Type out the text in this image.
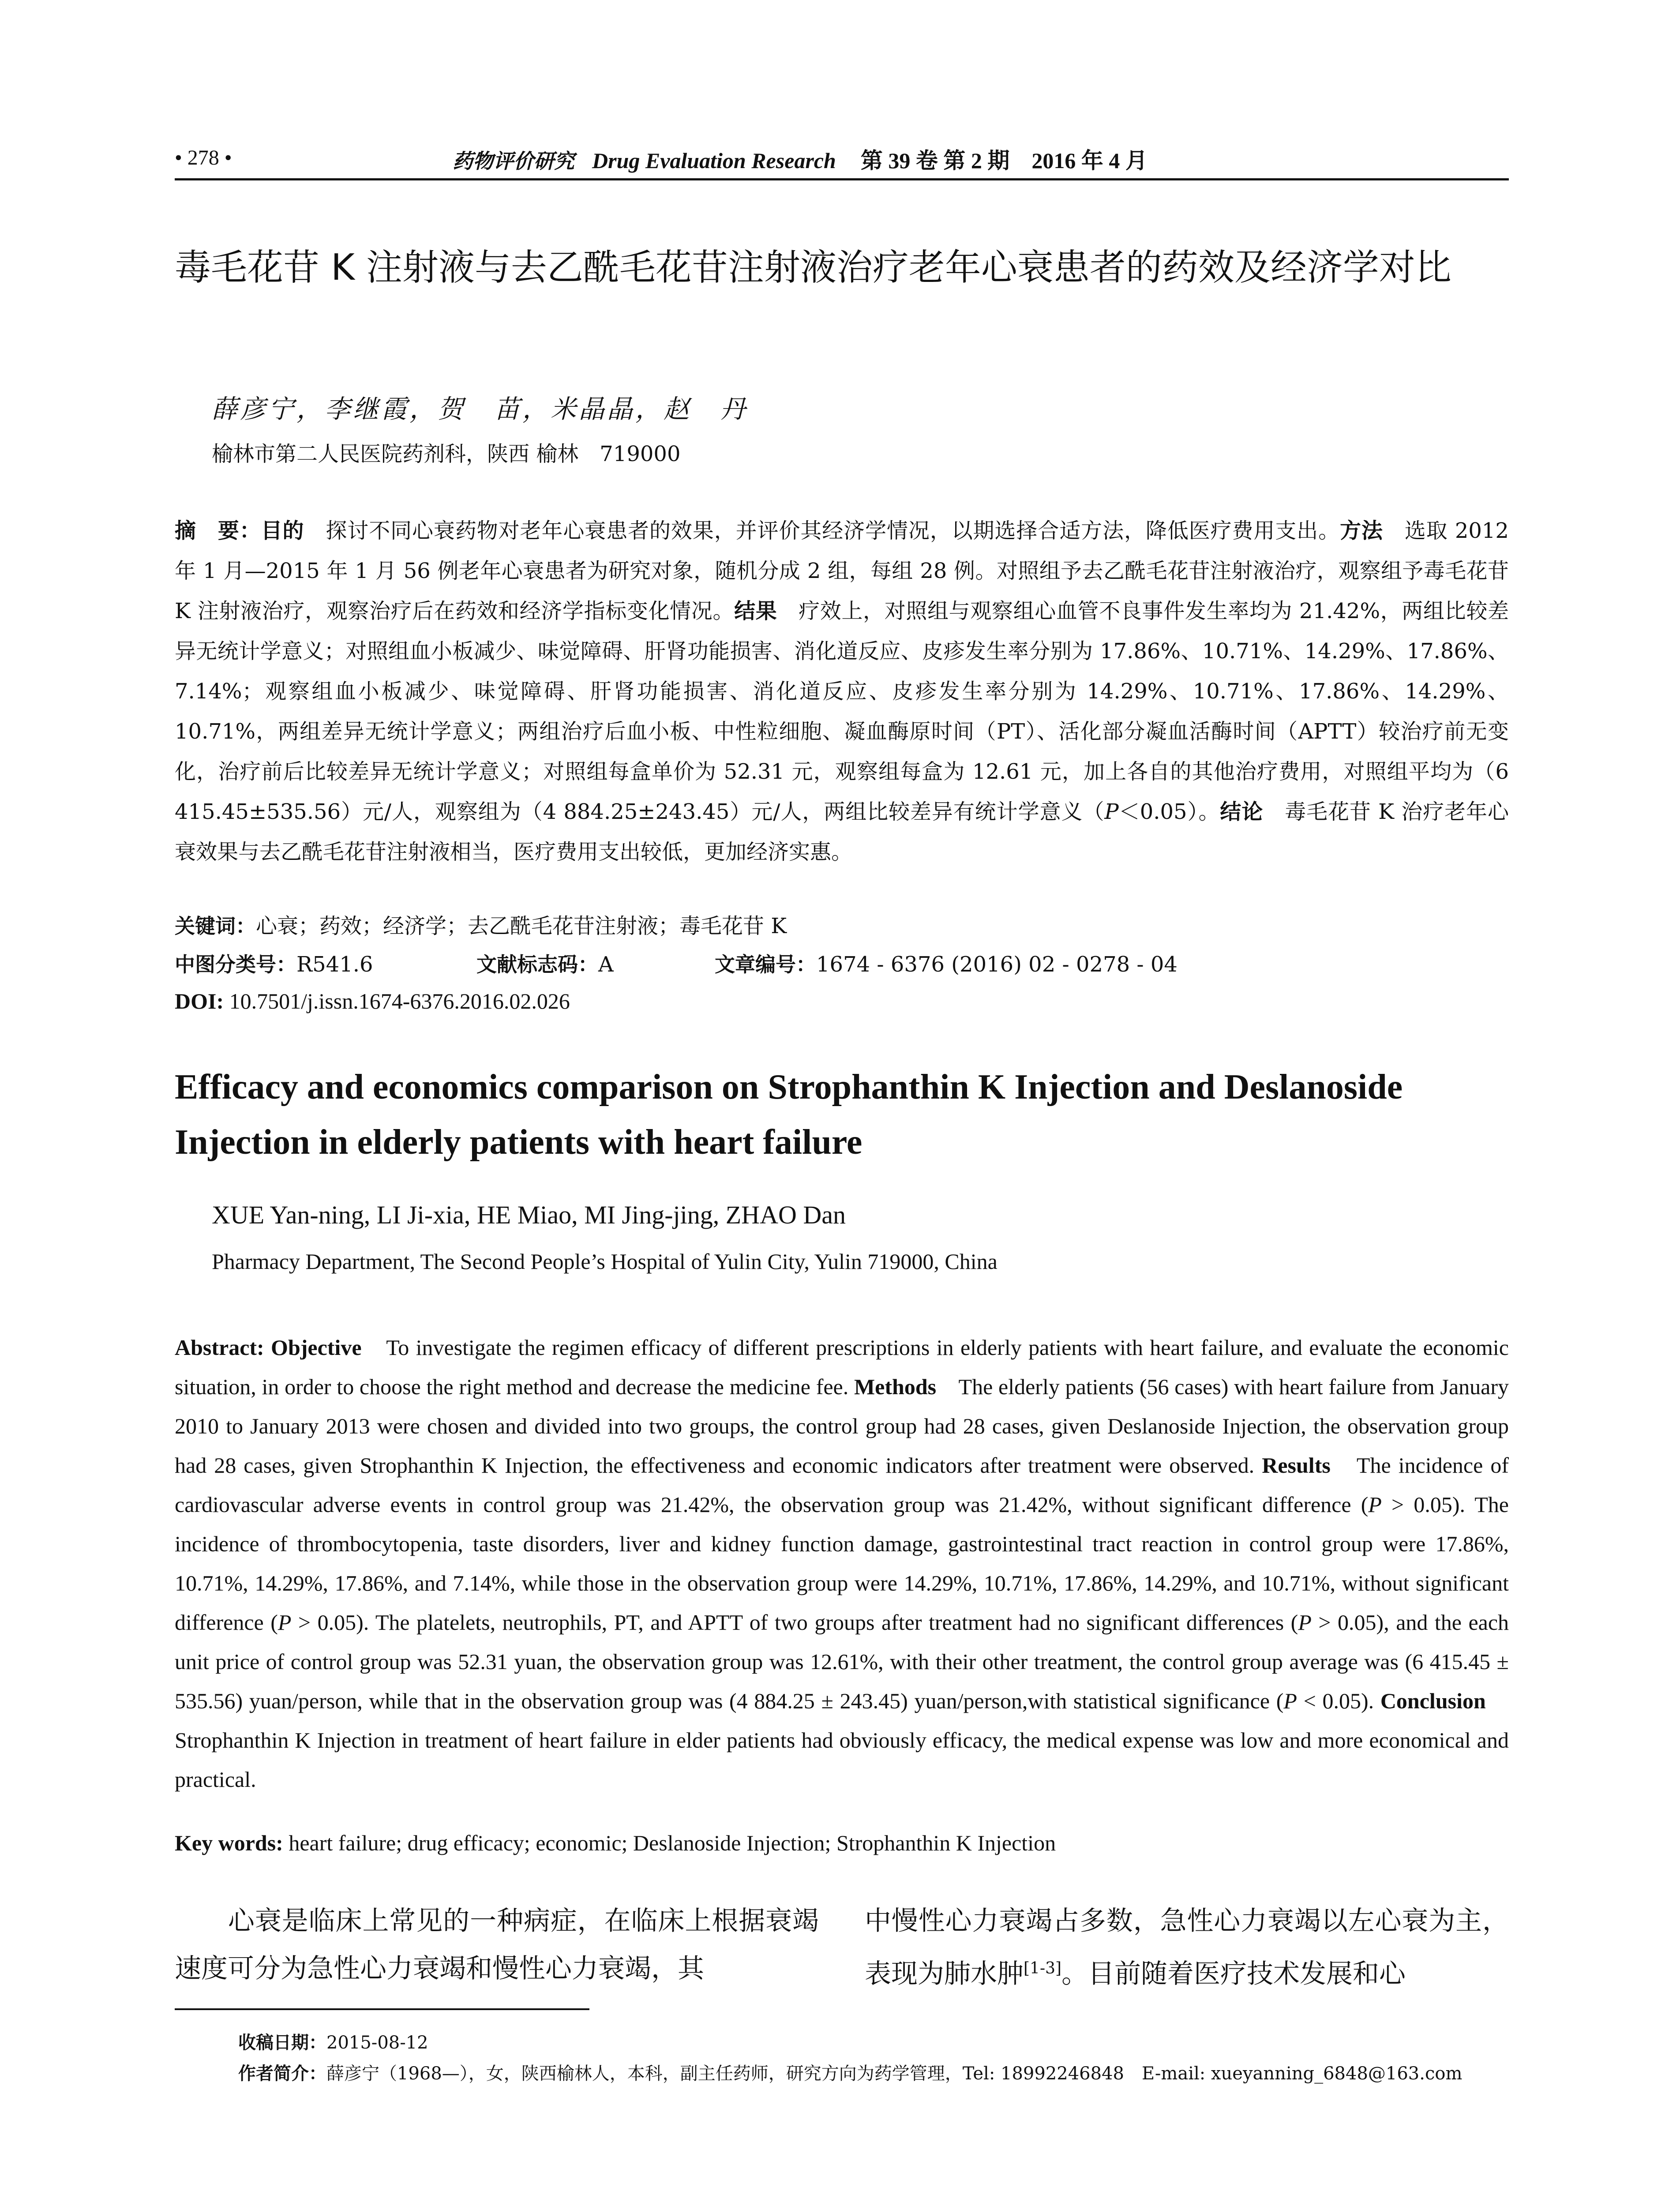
• 278 •	药物评价研究 Drug Evaluation Research 第 39 卷 第 2 期　2016 年 4 月
毒毛花苷 K 注射液与去乙酰毛花苷注射液治疗老年心衰患者的药效及经济学对比
薛彦宁，李继霞，贺　苗，米晶晶，赵　丹
榆林市第二人民医院药剂科，陕西 榆林　719000
摘　要：目的　探讨不同心衰药物对老年心衰患者的效果，并评价其经济学情况，以期选择合适方法，降低医疗费用支出。方法　选取 2012 年 1 月—2015 年 1 月 56 例老年心衰患者为研究对象，随机分成 2 组，每组 28 例。对照组予去乙酰毛花苷注射液治疗，观察组予毒毛花苷 K 注射液治疗，观察治疗后在药效和经济学指标变化情况。结果　疗效上，对照组与观察组心血管不良事件发生率均为 21.42%，两组比较差异无统计学意义；对照组血小板减少、味觉障碍、肝肾功能损害、消化道反应、皮疹发生率分别为 17.86%、10.71%、14.29%、17.86%、7.14%；观察组血小板减少、味觉障碍、肝肾功能损害、消化道反应、皮疹发生率分别为 14.29%、10.71%、17.86%、14.29%、10.71%，两组差异无统计学意义；两组治疗后血小板、中性粒细胞、凝血酶原时间（PT）、活化部分凝血活酶时间（APTT）较治疗前无变化，治疗前后比较差异无统计学意义；对照组每盒单价为 52.31 元，观察组每盒为 12.61 元，加上各自的其他治疗费用，对照组平均为（6 415.45±535.56）元/人，观察组为（4 884.25±243.45）元/人，两组比较差异有统计学意义（P＜0.05）。结论　毒毛花苷 K 治疗老年心衰效果与去乙酰毛花苷注射液相当，医疗费用支出较低，更加经济实惠。
关键词：心衰；药效；经济学；去乙酰毛花苷注射液；毒毛花苷 K
中图分类号：R541.6	文献标志码：A	文章编号：1674 - 6376 (2016) 02 - 0278 - 04
DOI: 10.7501/j.issn.1674-6376.2016.02.026
Efficacy and economics comparison on Strophanthin K Injection and Deslanoside Injection in elderly patients with heart failure
XUE Yan-ning, LI Ji-xia, HE Miao, MI Jing-jing, ZHAO Dan
Pharmacy Department, The Second People’s Hospital of Yulin City, Yulin 719000, China
Abstract: Objective　To investigate the regimen efficacy of different prescriptions in elderly patients with heart failure, and evaluate the economic situation, in order to choose the right method and decrease the medicine fee. Methods　The elderly patients (56 cases) with heart failure from January 2010 to January 2013 were chosen and divided into two groups, the control group had 28 cases, given Deslanoside Injection, the observation group had 28 cases, given Strophanthin K Injection, the effectiveness and economic indicators after treatment were observed. Results　The incidence of cardiovascular adverse events in control group was 21.42%, the observation group was 21.42%, without significant difference (P > 0.05). The incidence of thrombocytopenia, taste disorders, liver and kidney function damage, gastrointestinal tract reaction in control group were 17.86%, 10.71%, 14.29%, 17.86%, and 7.14%, while those in the observation group were 14.29%, 10.71%, 17.86%, 14.29%, and 10.71%, without significant difference (P > 0.05). The platelets, neutrophils, PT, and APTT of two groups after treatment had no significant differences (P > 0.05), and the each unit price of control group was 52.31 yuan, the observation group was 12.61%, with their other treatment, the control group average was (6 415.45 ± 535.56) yuan/person, while that in the observation group was (4 884.25 ± 243.45) yuan/person,with statistical significance (P < 0.05). Conclusion　Strophanthin K Injection in treatment of heart failure in elder patients had obviously efficacy, the medical expense was low and more economical and practical.
Key words: heart failure; drug efficacy; economic; Deslanoside Injection; Strophanthin K Injection
心衰是临床上常见的一种病症，在临床上根据衰竭速度可分为急性心力衰竭和慢性心力衰竭，其
中慢性心力衰竭占多数，急性心力衰竭以左心衰为主，表现为肺水肿[1-3]。目前随着医疗技术发展和心
收稿日期：2015-08-12
作者简介：薛彦宁（1968—），女，陕西榆林人，本科，副主任药师，研究方向为药学管理，Tel: 18992246848　E-mail: xueyanning_6848@163.com
